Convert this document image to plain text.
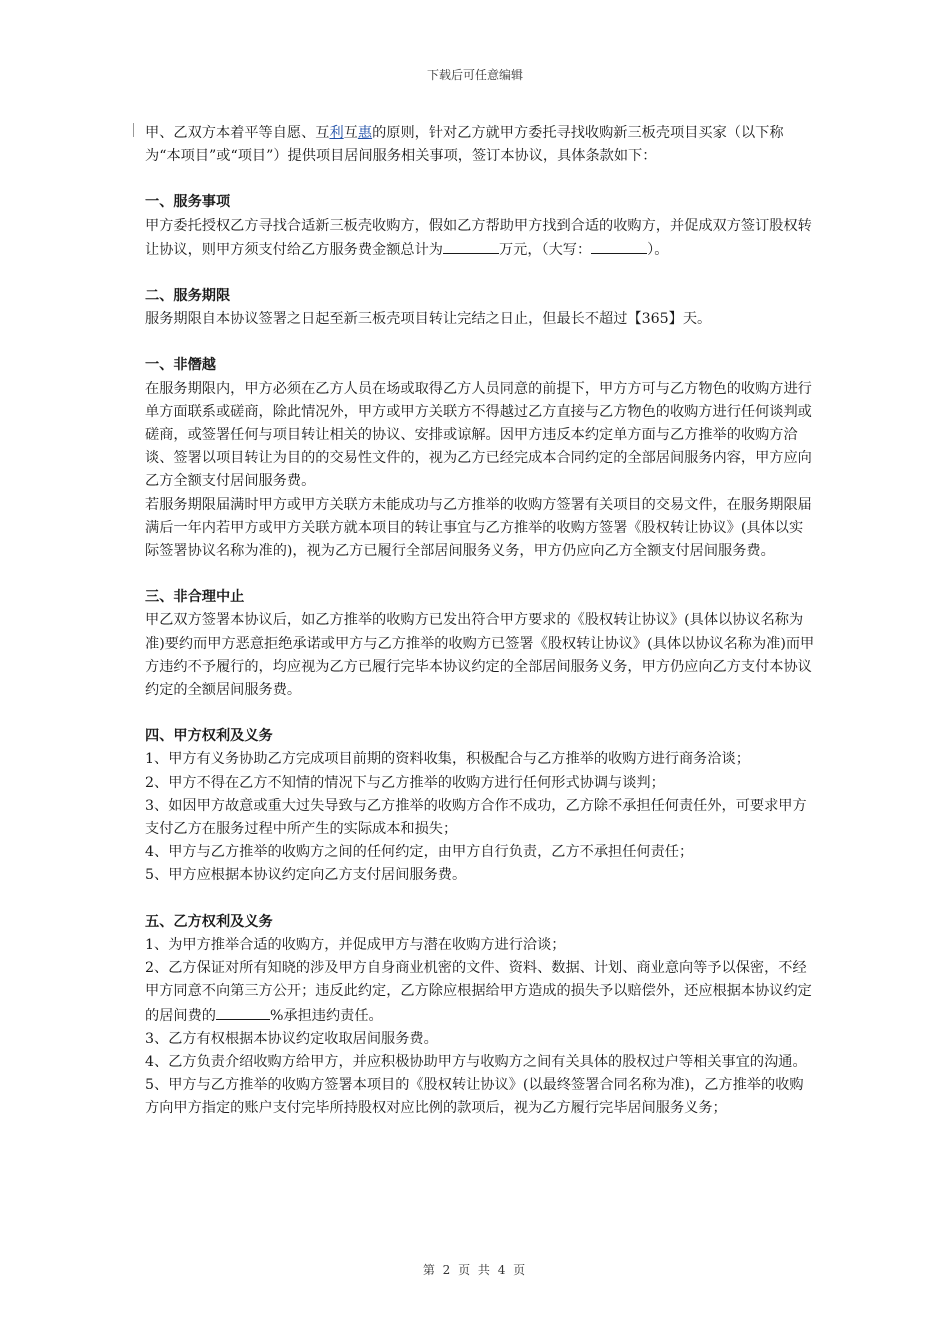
下载后可任意编辑

甲、乙双方本着平等自愿、互利互惠的原则，针对乙方就甲方委托寻找收购新三板壳项目买家（以下称为“本项目”或“项目”）提供项目居间服务相关事项，签订本协议，具体条款如下：

一、服务事项

甲方委托授权乙方寻找合适新三板壳收购方，假如乙方帮助甲方找到合适的收购方，并促成双方签订股权转让协议，则甲方须支付给乙方服务费金额总计为	万元，（大写：	）。

二、服务期限

服务期限自本协议签署之日起至新三板壳项目转让完结之日止，但最长不超过【365】天。

一、非僭越

在服务期限内，甲方必须在乙方人员在场或取得乙方人员同意的前提下，甲方方可与乙方物色的收购方进行单方面联系或磋商，除此情况外，甲方或甲方关联方不得越过乙方直接与乙方物色的收购方进行任何谈判或磋商，或签署任何与项目转让相关的协议、安排或谅解。因甲方违反本约定单方面与乙方推举的收购方洽谈、签署以项目转让为目的的交易性文件的，视为乙方已经完成本合同约定的全部居间服务内容，甲方应向乙方全额支付居间服务费。

若服务期限届满时甲方或甲方关联方未能成功与乙方推举的收购方签署有关项目的交易文件，在服务期限届满后一年内若甲方或甲方关联方就本项目的转让事宜与乙方推举的收购方签署《股权转让协议》(具体以实际签署协议名称为准的)，视为乙方已履行全部居间服务义务，甲方仍应向乙方全额支付居间服务费。

三、非合理中止

甲乙双方签署本协议后，如乙方推举的收购方已发出符合甲方要求的《股权转让协议》(具体以协议名称为准)要约而甲方恶意拒绝承诺或甲方与乙方推举的收购方已签署《股权转让协议》(具体以协议名称为准)而甲方违约不予履行的，均应视为乙方已履行完毕本协议约定的全部居间服务义务，甲方仍应向乙方支付本协议约定的全额居间服务费。

四、甲方权利及义务

1、甲方有义务协助乙方完成项目前期的资料收集，积极配合与乙方推举的收购方进行商务洽谈；

2、甲方不得在乙方不知情的情况下与乙方推举的收购方进行任何形式协调与谈判；

3、如因甲方故意或重大过失导致与乙方推举的收购方合作不成功，乙方除不承担任何责任外，可要求甲方支付乙方在服务过程中所产生的实际成本和损失；

4、甲方与乙方推举的收购方之间的任何约定，由甲方自行负责，乙方不承担任何责任；

5、甲方应根据本协议约定向乙方支付居间服务费。

五、乙方权利及义务

1、为甲方推举合适的收购方，并促成甲方与潜在收购方进行洽谈；

2、乙方保证对所有知晓的涉及甲方自身商业机密的文件、资料、数据、计划、商业意向等予以保密，不经甲方同意不向第三方公开；违反此约定，乙方除应根据给甲方造成的损失予以赔偿外，还应根据本协议约定的居间费的	%承担违约责任。

3、乙方有权根据本协议约定收取居间服务费。

4、乙方负责介绍收购方给甲方，并应积极协助甲方与收购方之间有关具体的股权过户等相关事宜的沟通。

5、甲方与乙方推举的收购方签署本项目的《股权转让协议》(以最终签署合同名称为准)，乙方推举的收购方向甲方指定的账户支付完毕所持股权对应比例的款项后，视为乙方履行完毕居间服务义务；

第 2 页 共 4 页
